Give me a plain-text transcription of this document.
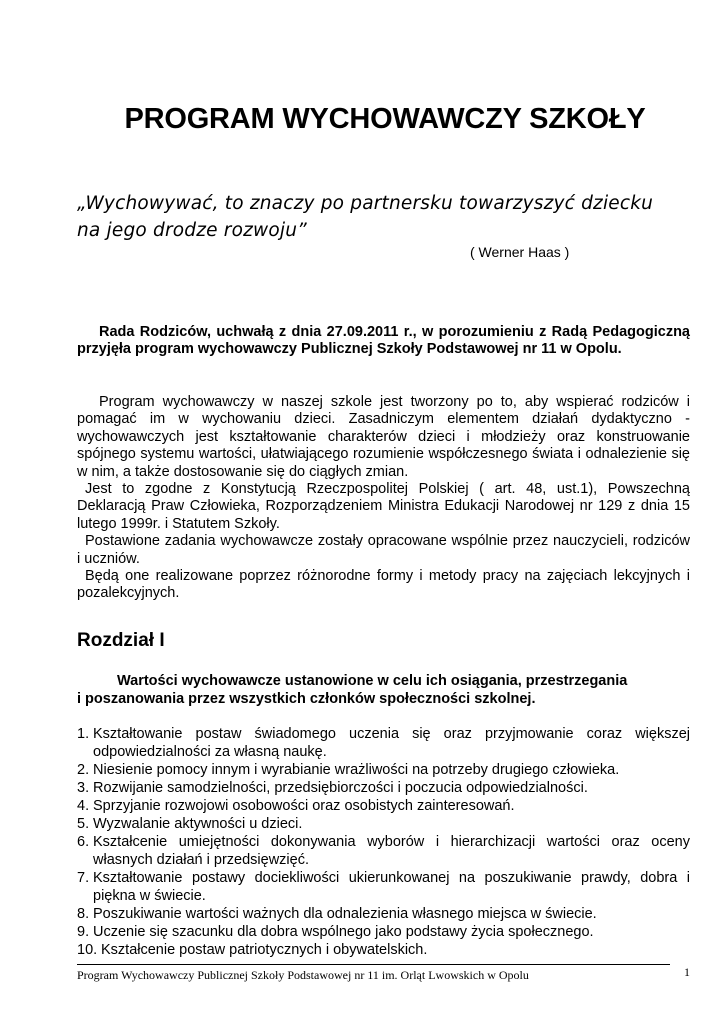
PROGRAM WYCHOWAWCZY SZKOŁY
„Wychowywać, to znaczy po partnersku towarzyszyć dziecku na jego drodze rozwoju”
( Werner Haas )
Rada Rodziców, uchwałą z dnia 27.09.2011 r., w porozumieniu z Radą Pedagogiczną przyjęła program wychowawczy Publicznej Szkoły Podstawowej nr 11 w Opolu.
Program wychowawczy w naszej szkole jest tworzony po to, aby wspierać rodziców i pomagać im w wychowaniu dzieci. Zasadniczym elementem działań dydaktyczno - wychowawczych jest kształtowanie charakterów dzieci i młodzieży oraz konstruowanie spójnego systemu wartości, ułatwiającego rozumienie współczesnego świata i odnalezienie się w nim, a także dostosowanie się do ciągłych zmian.
Jest to zgodne z Konstytucją Rzeczpospolitej Polskiej ( art. 48, ust.1), Powszechną Deklaracją Praw Człowieka, Rozporządzeniem Ministra Edukacji Narodowej nr 129 z dnia 15 lutego 1999r. i Statutem Szkoły.
Postawione zadania wychowawcze zostały opracowane wspólnie przez nauczycieli, rodziców i uczniów.
Będą one realizowane poprzez różnorodne formy i metody pracy na zajęciach lekcyjnych i pozalekcyjnych.
Rozdział I
Wartości wychowawcze ustanowione w celu ich osiągania, przestrzegania
i poszanowania przez wszystkich członków społeczności szkolnej.
1. Kształtowanie postaw świadomego uczenia się oraz przyjmowanie coraz większej odpowiedzialności za własną naukę.
2. Niesienie pomocy innym i wyrabianie wrażliwości na potrzeby drugiego człowieka.
3. Rozwijanie samodzielności, przedsiębiorczości i poczucia odpowiedzialności.
4. Sprzyjanie rozwojowi osobowości oraz osobistych zainteresowań.
5. Wyzwalanie aktywności u dzieci.
6. Kształcenie umiejętności dokonywania wyborów i hierarchizacji wartości oraz oceny własnych działań i przedsięwzięć.
7. Kształtowanie postawy dociekliwości ukierunkowanej na poszukiwanie prawdy, dobra i piękna w świecie.
8. Poszukiwanie wartości ważnych dla odnalezienia własnego miejsca w świecie.
9. Uczenie się szacunku dla dobra wspólnego jako podstawy życia społecznego.
10. Kształcenie postaw patriotycznych i obywatelskich.
Program Wychowawczy Publicznej Szkoły Podstawowej nr 11 im. Orląt Lwowskich w Opolu	1
